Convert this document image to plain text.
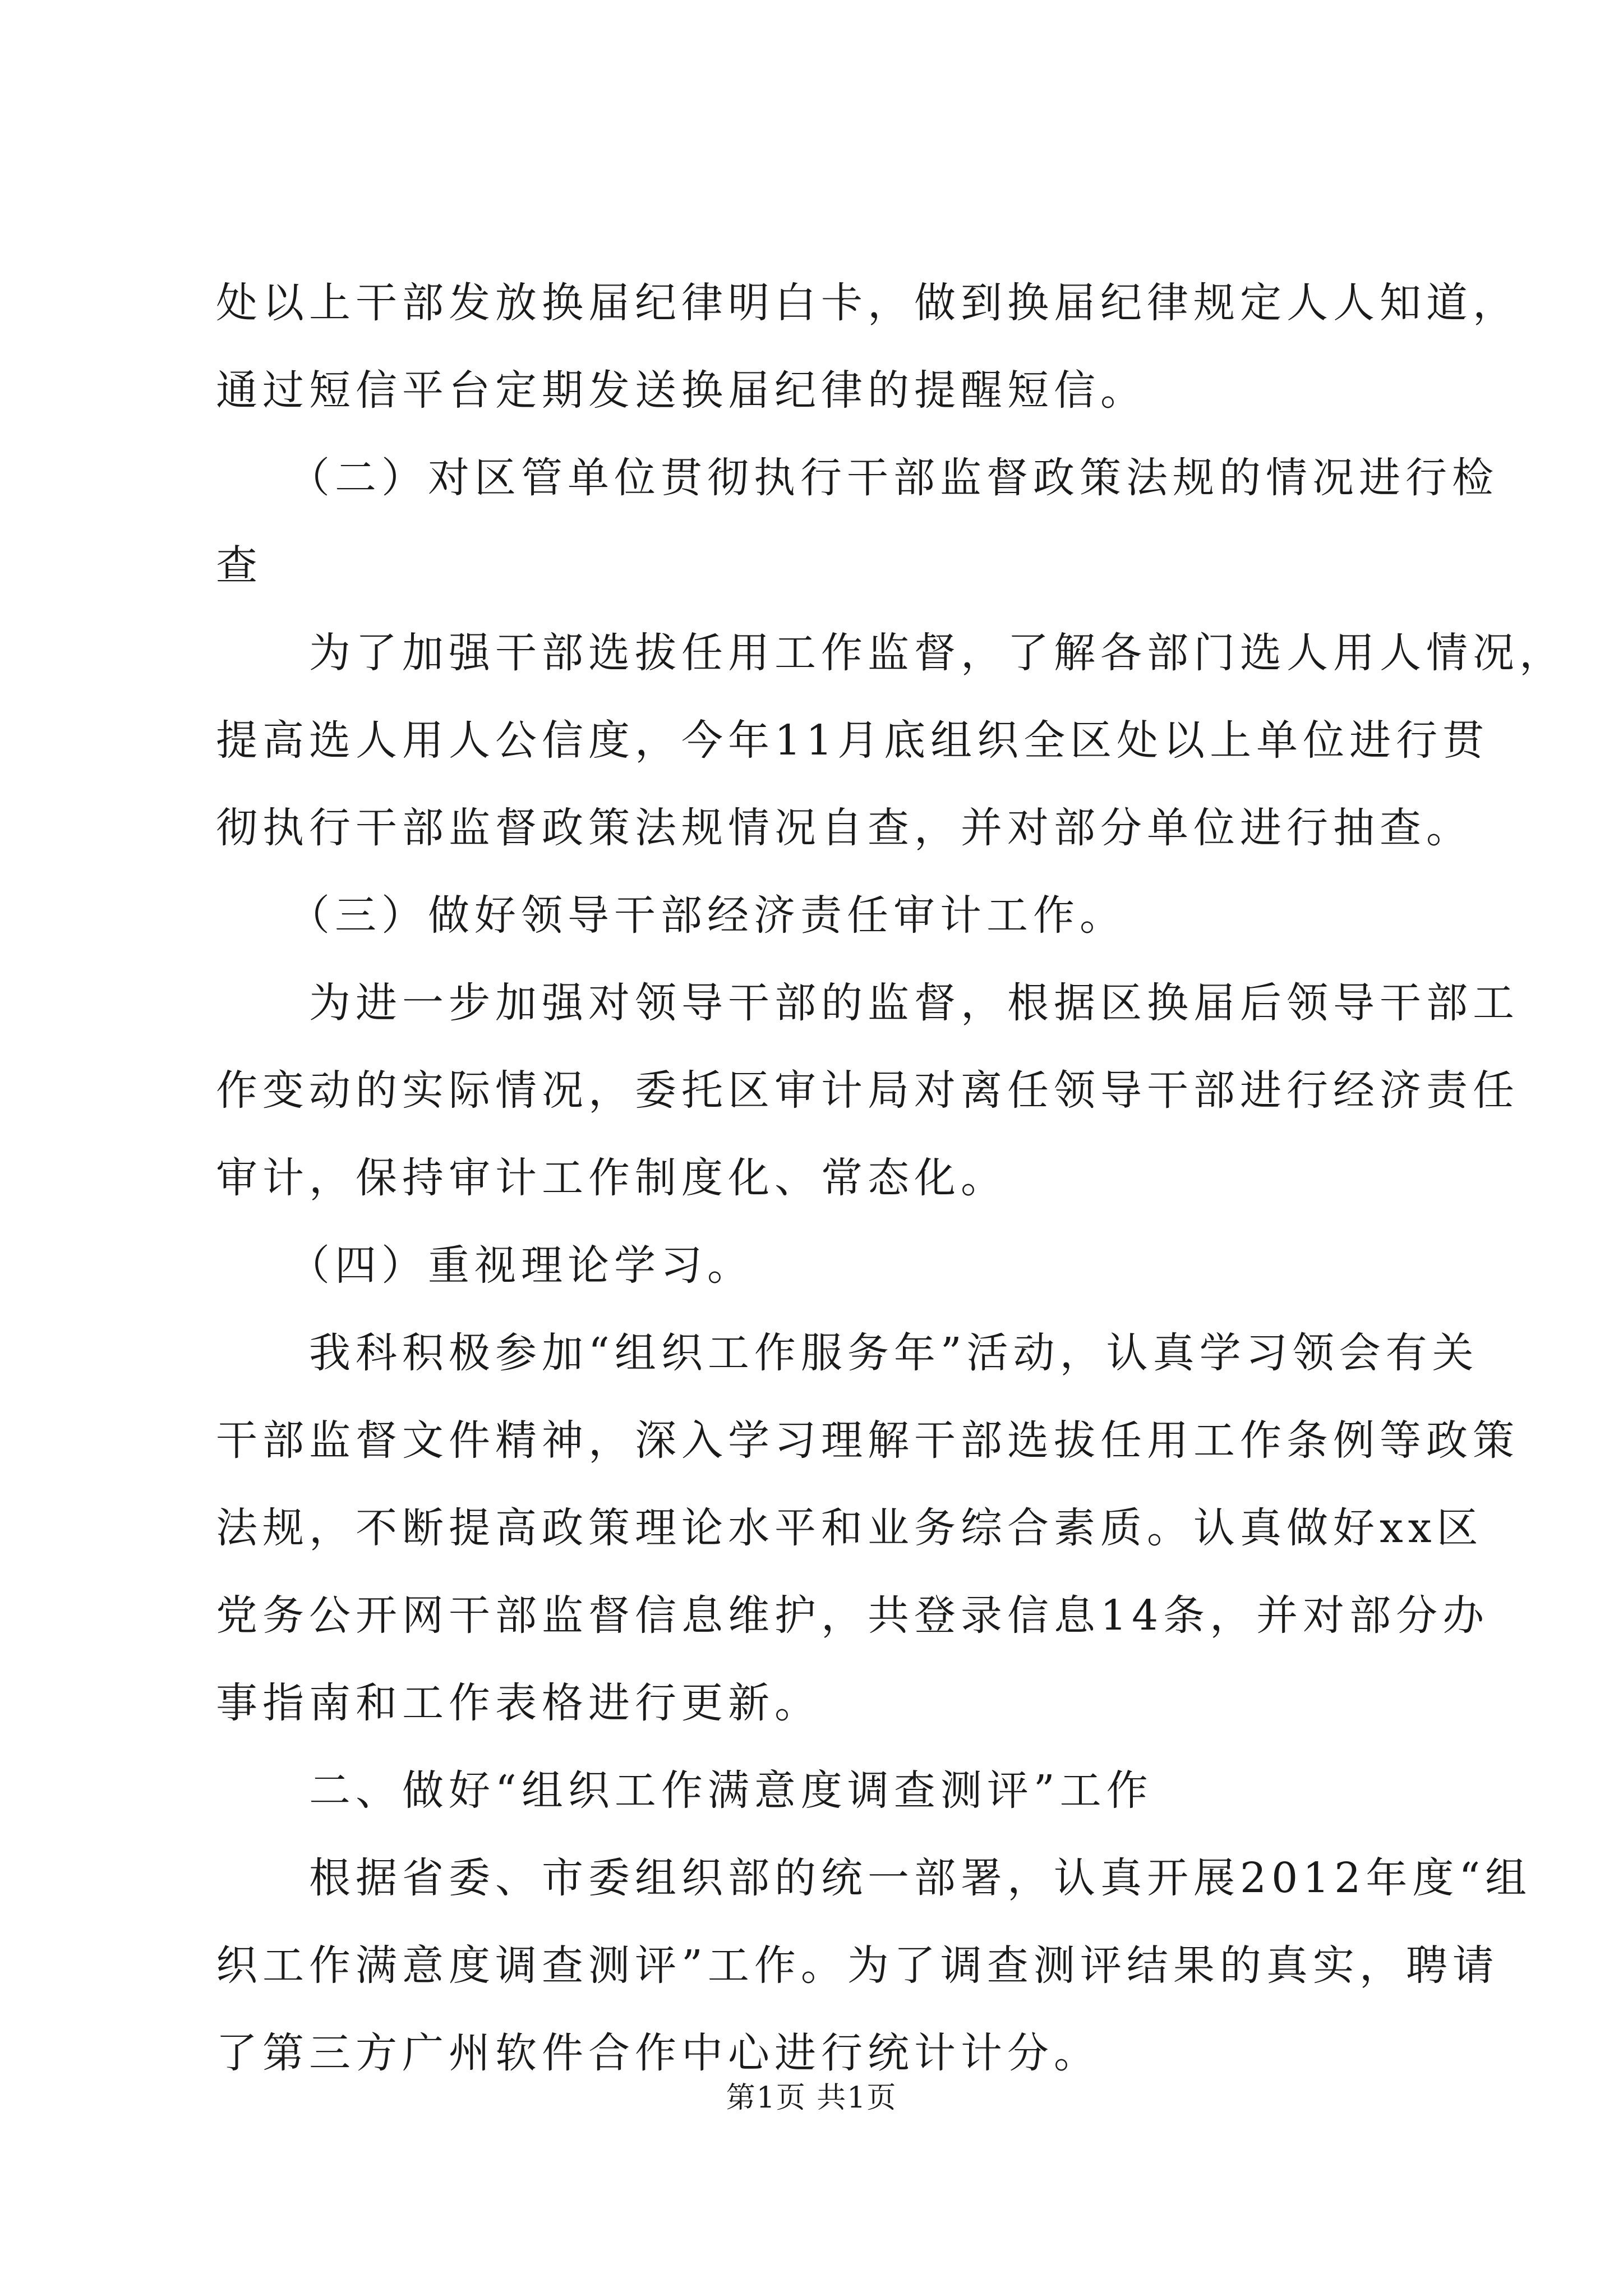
处以上干部发放换届纪律明白卡，做到换届纪律规定人人知道，
通过短信平台定期发送换届纪律的提醒短信。
　　（二）对区管单位贯彻执行干部监督政策法规的情况进行检
查
　　为了加强干部选拔任用工作监督，了解各部门选人用人情况，
提高选人用人公信度，今年11月底组织全区处以上单位进行贯
彻执行干部监督政策法规情况自查，并对部分单位进行抽查。
　　（三）做好领导干部经济责任审计工作。
　　为进一步加强对领导干部的监督，根据区换届后领导干部工
作变动的实际情况，委托区审计局对离任领导干部进行经济责任
审计，保持审计工作制度化、常态化。
　　（四）重视理论学习。
　　我科积极参加“组织工作服务年”活动，认真学习领会有关
干部监督文件精神，深入学习理解干部选拔任用工作条例等政策
法规，不断提高政策理论水平和业务综合素质。认真做好xx区
党务公开网干部监督信息维护，共登录信息14条，并对部分办
事指南和工作表格进行更新。
　　二、做好“组织工作满意度调查测评”工作
　　根据省委、市委组织部的统一部署，认真开展2012年度“组
织工作满意度调查测评”工作。为了调查测评结果的真实，聘请
了第三方广州软件合作中心进行统计计分。
第1页 共1页
